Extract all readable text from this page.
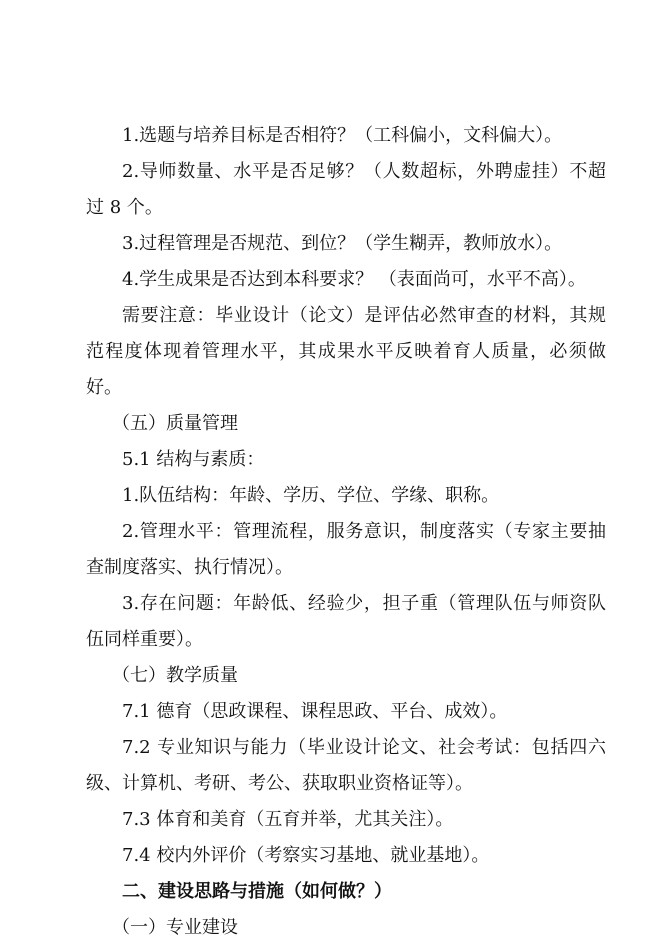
1.选题与培养目标是否相符？（工科偏小，文科偏大）。

2.导师数量、水平是否足够？（人数超标，外聘虚挂）不超过 8 个。

3.过程管理是否规范、到位？（学生糊弄，教师放水）。

4.学生成果是否达到本科要求？ （表面尚可，水平不高）。

需要注意：毕业设计（论文）是评估必然审查的材料，其规范程度体现着管理水平，其成果水平反映着育人质量，必须做好。

（五）质量管理

5.1 结构与素质：

1.队伍结构：年龄、学历、学位、学缘、职称。

2.管理水平：管理流程，服务意识，制度落实（专家主要抽查制度落实、执行情况）。

3.存在问题：年龄低、经验少，担子重（管理队伍与师资队伍同样重要）。

（七）教学质量

7.1 德育（思政课程、课程思政、平台、成效）。

7.2 专业知识与能力（毕业设计论文、社会考试：包括四六级、计算机、考研、考公、获取职业资格证等）。

7.3 体育和美育（五育并举，尤其关注）。

7.4 校内外评价（考察实习基地、就业基地）。

二、建设思路与措施（如何做？）

（一）专业建设
